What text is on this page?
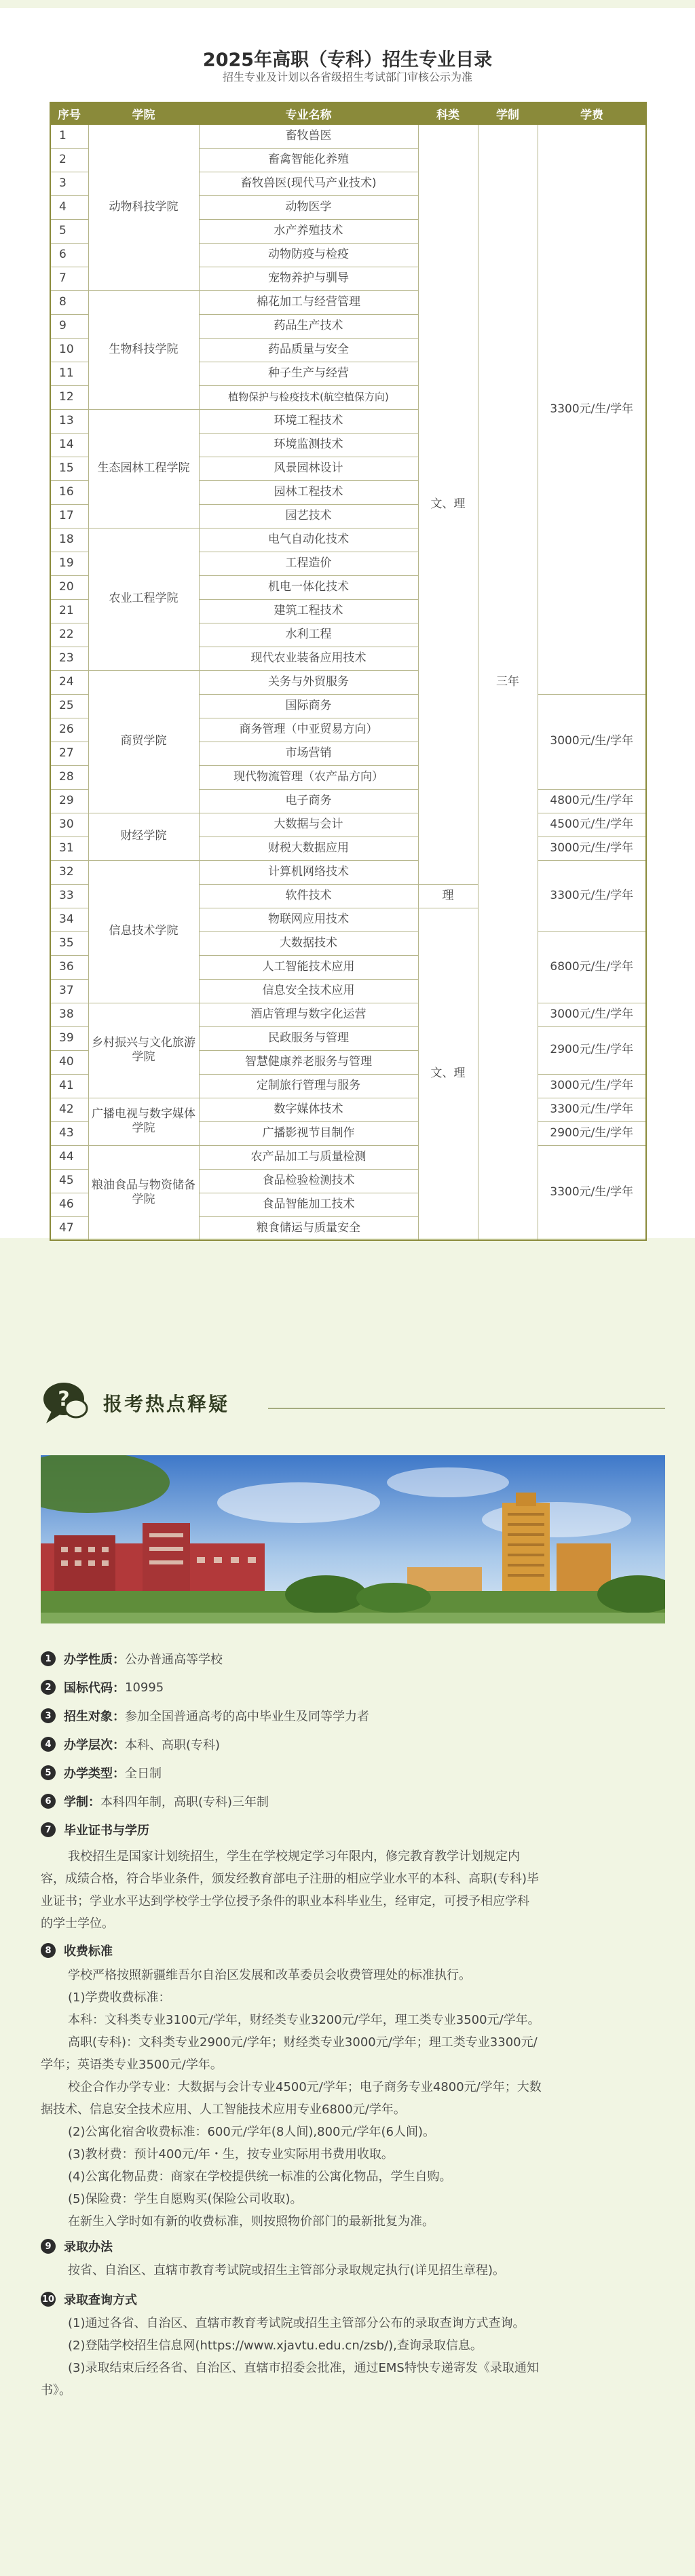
2025年高职（专科）招生专业目录
招生专业及计划以各省级招生考试部门审核公示为准
序号	学院	专业名称	科类	学制	学费
1	动物科技学院	畜牧兽医	文、理	三年	3300元/生/学年
2		畜禽智能化养殖			
3		畜牧兽医(现代马产业技术)			
4		动物医学			
5		水产养殖技术			
6		动物防疫与检疫			
7		宠物养护与驯导			
8	生物科技学院	棉花加工与经营管理			
9		药品生产技术			
10		药品质量与安全			
11		种子生产与经营			
12		植物保护与检疫技术(航空植保方向)			
13	生态园林工程学院	环境工程技术			
14		环境监测技术			
15		风景园林设计			
16		园林工程技术			
17		园艺技术			
18	农业工程学院	电气自动化技术			
19		工程造价			
20		机电一体化技术			
21		建筑工程技术			
22		水利工程			
23		现代农业装备应用技术			
24	商贸学院	关务与外贸服务			
25		国际商务			3000元/生/学年
26		商务管理（中亚贸易方向）			
27		市场营销			
28		现代物流管理（农产品方向）			
29		电子商务			4800元/生/学年
30	财经学院	大数据与会计			4500元/生/学年
31		财税大数据应用			3000元/生/学年
32	信息技术学院	计算机网络技术			3300元/生/学年
33		软件技术	理		
34		物联网应用技术	文、理		
35		大数据技术			6800元/生/学年
36		人工智能技术应用			
37		信息安全技术应用			
38	乡村振兴与文化旅游学院	酒店管理与数字化运营			3000元/生/学年
39		民政服务与管理			2900元/生/学年
40		智慧健康养老服务与管理			
41		定制旅行管理与服务			3000元/生/学年
42	广播电视与数字媒体学院	数字媒体技术			3300元/生/学年
43		广播影视节目制作			2900元/生/学年
44	粮油食品与物资储备学院	农产品加工与质量检测			3300元/生/学年
45		食品检验检测技术			
46		食品智能加工技术			
47		粮食储运与质量安全			
? 报考热点释疑
1	办学性质： 公办普通高等学校
2	国标代码： 10995
3	招生对象： 参加全国普通高考的高中毕业生及同等学力者
4	办学层次： 本科、高职(专科)
5	办学类型： 全日制
6	学制： 本科四年制，高职(专科)三年制
7	毕业证书与学历
我校招生是国家计划统招生，学生在学校规定学习年限内，修完教育教学计划规定内
容，成绩合格，符合毕业条件，颁发经教育部电子注册的相应学业水平的本科、高职(专科)毕
业证书；学业水平达到学校学士学位授予条件的职业本科毕业生，经审定，可授予相应学科
的学士学位。
8	收费标准
学校严格按照新疆维吾尔自治区发展和改革委员会收费管理处的标准执行。
(1)学费收费标准：
本科：文科类专业3100元/学年，财经类专业3200元/学年，理工类专业3500元/学年。
高职(专科)：文科类专业2900元/学年；财经类专业3000元/学年；理工类专业3300元/
学年；英语类专业3500元/学年。
校企合作办学专业：大数据与会计专业4500元/学年；电子商务专业4800元/学年；大数
据技术、信息安全技术应用、人工智能技术应用专业6800元/学年。
(2)公寓化宿舍收费标准：600元/学年(8人间),800元/学年(6人间)。
(3)教材费：预计400元/年・生，按专业实际用书费用收取。
(4)公寓化物品费：商家在学校提供统一标准的公寓化物品，学生自购。
(5)保险费：学生自愿购买(保险公司收取)。
在新生入学时如有新的收费标准，则按照物价部门的最新批复为准。
9	录取办法
按省、自治区、直辖市教育考试院或招生主管部分录取规定执行(详见招生章程)。
10 录取查询方式
(1)通过各省、自治区、直辖市教育考试院或招生主管部分公布的录取查询方式查询。
(2)登陆学校招生信息网(https://www.xjavtu.edu.cn/zsb/),查询录取信息。
(3)录取结束后经各省、自治区、直辖市招委会批准，通过EMS特快专递寄发《录取通知
书》。
